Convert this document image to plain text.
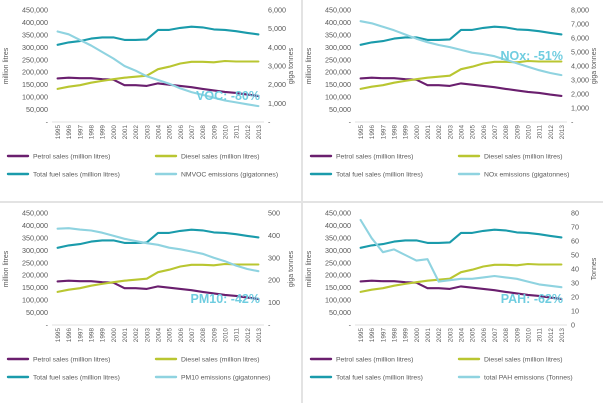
-
50,000
100,000
150,000
200,000
250,000
300,000
350,000
400,000
450,000
-
1,000
2,000
3,000
4,000
5,000
6,000
million litres	giga tonnes
1995 1996 1997 1998 1999 2000 2001 2002 2003 2004 2005 2006 2007 2008 2009 2010 2011 2012 2013
VOC: -80%
Petrol sales (million litres)	Diesel sales (million litres)
Total fuel sales (million litres)	NMVOC emissions (gigatonnes)
-
50,000
100,000
150,000
200,000
250,000
300,000
350,000
400,000
450,000
-
1,000
2,000
3,000
4,000
5,000
6,000
7,000
8,000
million litres	giga tonnes
1995 1996 1997 1998 1999 2000 2001 2002 2003 2004 2005 2006 2007 2008 2009 2010 2011 2012 2013
NOx: -51%
Petrol sales (million litres)	Diesel sales (million litres)
Total fuel sales (million litres)	NOx emissions (gigatonnes)
-
50,000
100,000
150,000
200,000
250,000
300,000
350,000
400,000
450,000
-
100
200
300
400
500
million litres	giga tonnes
1995 1996 1997 1998 1999 2000 2001 2002 2003 2004 2005 2006 2007 2008 2009 2010 2011 2012 2013
PM10: -42%
Petrol sales (million litres)	Diesel sales (million litres)
Total fuel sales (million litres)	PM10 emissions (gigatonnes)
-
50,000
100,000
150,000
200,000
250,000
300,000
350,000
400,000
450,000
0
10
20
30
40
50
60
70
80
million litres	Tonnes
1995 1996 1997 1998 1999 2000 2001 2002 2003 2004 2005 2006 2007 2008 2009 2010 2011 2012 2013
PAH: -62%
Petrol sales (million litres)	Diesel sales (million litres)
Total fuel sales (million litres)	total PAH emissions (Tonnes)
